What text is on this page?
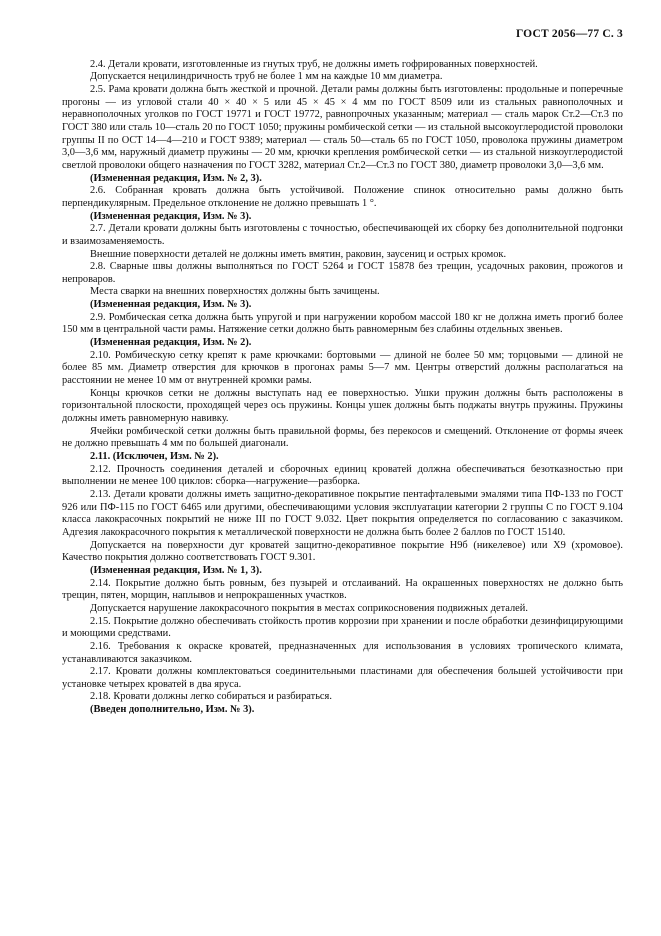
ГОСТ 2056—77 С. 3

2.4. Детали кровати, изготовленные из гнутых труб, не должны иметь гофрированных поверхностей.

Допускается нецилиндричность труб не более 1 мм на каждые 10 мм диаметра.

2.5. Рама кровати должна быть жесткой и прочной. Детали рамы должны быть изготовлены: продольные и поперечные прогоны — из угловой стали 40 × 40 × 5 или 45 × 45 × 4 мм по ГОСТ 8509 или из стальных равнополочных и неравнополочных уголков по ГОСТ 19771 и ГОСТ 19772, равнопрочных указанным; материал — сталь марок Ст.2—Ст.3 по ГОСТ 380 или сталь 10—сталь 20 по ГОСТ 1050; пружины ромбической сетки — из стальной высокоуглеродистой проволоки группы II по ОСТ 14—4—210 и ГОСТ 9389; материал — сталь 50—сталь 65 по ГОСТ 1050, проволока пружины диаметром 3,0—3,6 мм, наружный диаметр пружины — 20 мм, крючки крепления ромбической сетки — из стальной низкоуглеродистой светлой проволоки общего назначения по ГОСТ 3282, материал Ст.2—Ст.3 по ГОСТ 380, диаметр проволоки 3,0—3,6 мм.

(Измененная редакция, Изм. № 2, 3).

2.6. Собранная кровать должна быть устойчивой. Положение спинок относительно рамы должно быть перпендикулярным. Предельное отклонение не должно превышать 1 °.

(Измененная редакция, Изм. № 3).

2.7. Детали кровати должны быть изготовлены с точностью, обеспечивающей их сборку без дополнительной подгонки и взаимозаменяемость.

Внешние поверхности деталей не должны иметь вмятин, раковин, заусениц и острых кромок.

2.8. Сварные швы должны выполняться по ГОСТ 5264 и ГОСТ 15878 без трещин, усадочных раковин, прожогов и непроваров.

Места сварки на внешних поверхностях должны быть зачищены.

(Измененная редакция, Изм. № 3).

2.9. Ромбическая сетка должна быть упругой и при нагружении коробом массой 180 кг не должна иметь прогиб более 150 мм в центральной части рамы. Натяжение сетки должно быть равномерным без слабины отдельных звеньев.

(Измененная редакция, Изм. № 2).

2.10. Ромбическую сетку крепят к раме крючками: бортовыми — длиной не более 50 мм; торцовыми — длиной не более 85 мм. Диаметр отверстия для крючков в прогонах рамы 5—7 мм. Центры отверстий должны располагаться на расстоянии не менее 10 мм от внутренней кромки рамы.

Концы крючков сетки не должны выступать над ее поверхностью. Ушки пружин должны быть расположены в горизонтальной плоскости, проходящей через ось пружины. Концы ушек должны быть поджаты внутрь пружины. Пружины должны иметь равномерную навивку.

Ячейки ромбической сетки должны быть правильной формы, без перекосов и смещений. Отклонение от формы ячеек не должно превышать 4 мм по большей диагонали.

2.11. (Исключен, Изм. № 2).

2.12. Прочность соединения деталей и сборочных единиц кроватей должна обеспечиваться безотказностью при выполнении не менее 100 циклов: сборка—нагружение—разборка.

2.13. Детали кровати должны иметь защитно-декоративное покрытие пентафталевыми эмалями типа ПФ-133 по ГОСТ 926 или ПФ-115 по ГОСТ 6465 или другими, обеспечивающими условия эксплуатации категории 2 группы С по ГОСТ 9.104 класса лакокрасочных покрытий не ниже III по ГОСТ 9.032. Цвет покрытия определяется по согласованию с заказчиком. Адгезия лакокрасочного покрытия к металлической поверхности не должна быть более 2 баллов по ГОСТ 15140.

Допускается на поверхности дуг кроватей защитно-декоративное покрытие Н9б (никелевое) или Х9 (хромовое). Качество покрытия должно соответствовать ГОСТ 9.301.

(Измененная редакция, Изм. № 1, 3).

2.14. Покрытие должно быть ровным, без пузырей и отслаиваний. На окрашенных поверхностях не должно быть трещин, пятен, морщин, наплывов и непрокрашенных участков.

Допускается нарушение лакокрасочного покрытия в местах соприкосновения подвижных деталей.

2.15. Покрытие должно обеспечивать стойкость против коррозии при хранении и после обработки дезинфицирующими и моющими средствами.

2.16. Требования к окраске кроватей, предназначенных для использования в условиях тропического климата, устанавливаются заказчиком.

2.17. Кровати должны комплектоваться соединительными пластинами для обеспечения большей устойчивости при установке четырех кроватей в два яруса.

2.18. Кровати должны легко собираться и разбираться.

(Введен дополнительно, Изм. № 3).
